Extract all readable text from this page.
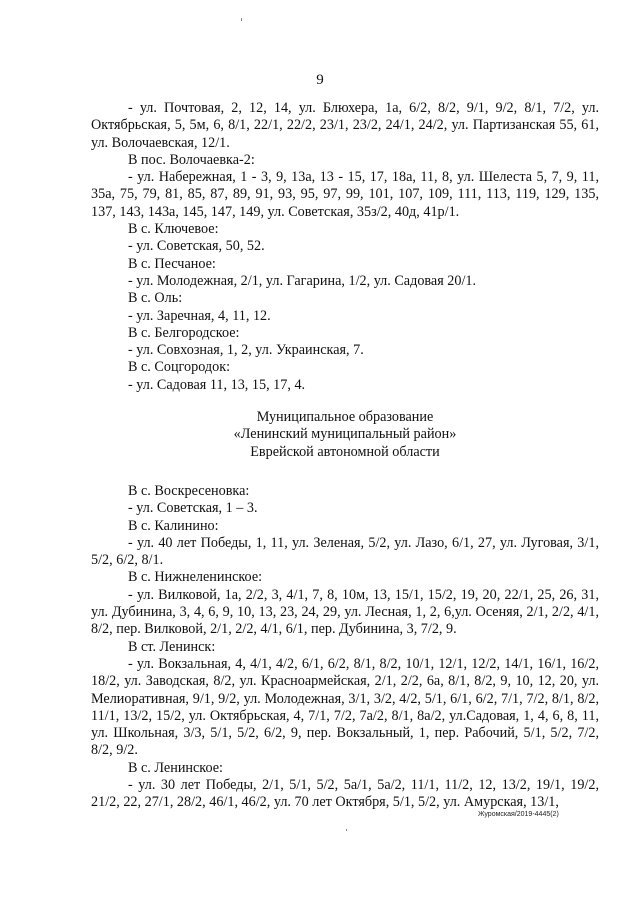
9

- ул. Почтовая, 2, 12, 14, ул. Блюхера, 1а, 6/2, 8/2, 9/1, 9/2, 8/1, 7/2, ул. Октябрьская, 5, 5м, 6, 8/1, 22/1, 22/2, 23/1, 23/2, 24/1, 24/2, ул. Партизанская 55, 61, ул. Волочаевская, 12/1.

В пос. Волочаевка-2:

- ул. Набережная, 1 - 3, 9, 13а, 13 - 15, 17, 18а, 11, 8, ул. Шелеста 5, 7, 9, 11, 35а, 75, 79, 81, 85, 87, 89, 91, 93, 95, 97, 99, 101, 107, 109, 111, 113, 119, 129, 135, 137, 143, 143а, 145, 147, 149, ул. Советская, 35з/2, 40д, 41р/1.

В с. Ключевое:

- ул. Советская, 50, 52.

В с. Песчаное:

- ул. Молодежная, 2/1, ул. Гагарина, 1/2, ул. Садовая 20/1.

В с. Оль:

- ул. Заречная, 4, 11, 12.

В с. Белгородское:

- ул. Совхозная, 1, 2, ул. Украинская, 7.

В с. Соцгородок:

- ул. Садовая 11, 13, 15, 17, 4.

Муниципальное образование
«Ленинский муниципальный район»
Еврейской автономной области

В с. Воскресеновка:

- ул. Советская, 1 – 3.

В с. Калинино:

- ул. 40 лет Победы, 1, 11, ул. Зеленая, 5/2, ул. Лазо, 6/1, 27, ул. Луговая, 3/1, 5/2, 6/2, 8/1.

В с. Нижнеленинское:

- ул. Вилковой, 1а, 2/2, 3, 4/1, 7, 8, 10м, 13, 15/1, 15/2, 19, 20, 22/1, 25, 26, 31, ул. Дубинина, 3, 4, 6, 9, 10, 13, 23, 24, 29, ул. Лесная, 1, 2, 6,ул. Осеняя, 2/1, 2/2, 4/1, 8/2, пер. Вилковой, 2/1, 2/2, 4/1, 6/1, пер. Дубинина, 3, 7/2, 9.

В ст. Ленинск:

- ул. Вокзальная, 4, 4/1, 4/2, 6/1, 6/2, 8/1, 8/2, 10/1, 12/1, 12/2, 14/1, 16/1, 16/2, 18/2, ул. Заводская, 8/2, ул. Красноармейская, 2/1, 2/2, 6а, 8/1, 8/2, 9, 10, 12, 20, ул. Мелиоративная, 9/1, 9/2, ул. Молодежная, 3/1, 3/2, 4/2, 5/1, 6/1, 6/2, 7/1, 7/2, 8/1, 8/2, 11/1, 13/2, 15/2, ул. Октябрьская, 4, 7/1, 7/2, 7а/2, 8/1, 8а/2, ул.Садовая, 1, 4, 6, 8, 11, ул. Школьная, 3/3, 5/1, 5/2, 6/2, 9, пер. Вокзальный, 1, пер. Рабочий, 5/1, 5/2, 7/2, 8/2, 9/2.

В с. Ленинское:

- ул. 30 лет Победы, 2/1, 5/1, 5/2, 5а/1, 5а/2, 11/1, 11/2, 12, 13/2, 19/1, 19/2, 21/2, 22, 27/1, 28/2, 46/1, 46/2, ул. 70 лет Октября, 5/1, 5/2, ул. Амурская, 13/1,

Журомская/2019-4445(2)
